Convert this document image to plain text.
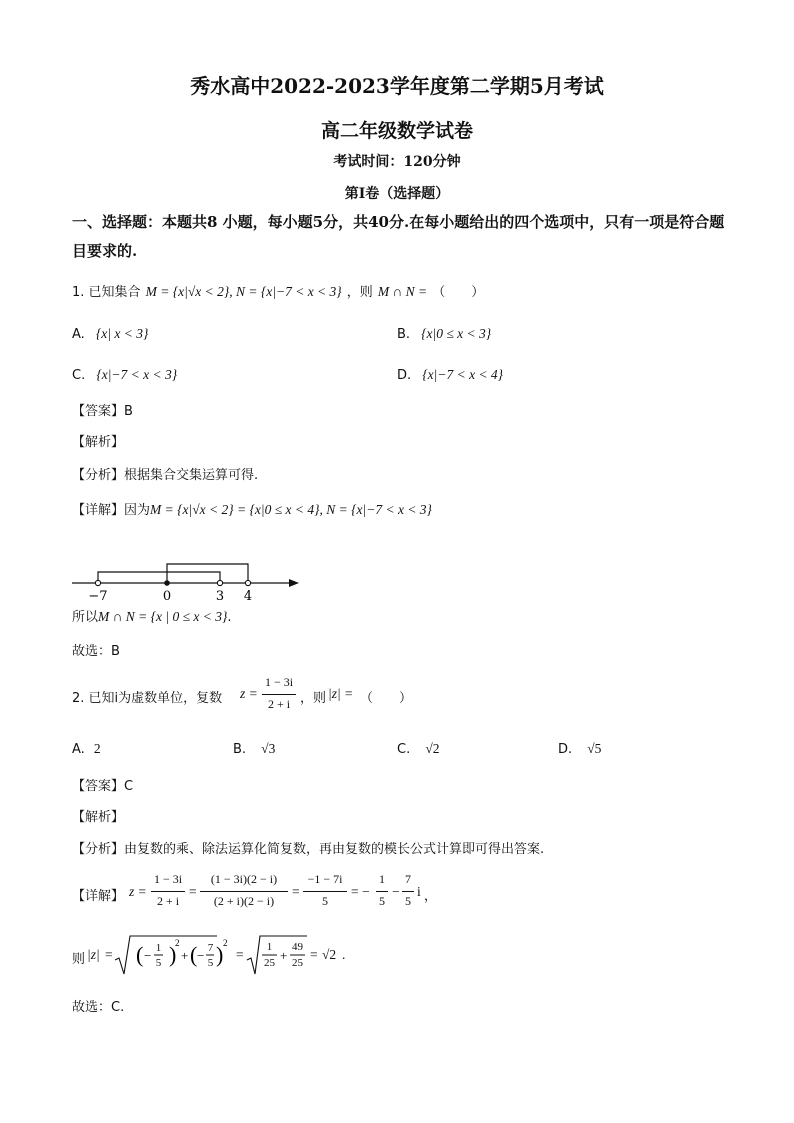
秀水高中2022-2023学年度第二学期5月考试
高二年级数学试卷
考试时间：120分钟
第I卷（选择题）
一、选择题：本题共8 小题，每小题5分，共40分.在每小题给出的四个选项中，只有一项是符合题目要求的.
1. 已知集合 M = {x|√x < 2}, N = {x|−7 < x < 3} ，则 M ∩ N = （　　）
A. {x| x < 3}	B. {x|0 ≤ x < 3}
C. {x|−7 < x < 3}	D. {x|−7 < x < 4}
【答案】B
【解析】
【分析】根据集合交集运算可得.
【详解】因为M = {x|√x < 2} = {x|0 ≤ x < 4}, N = {x|−7 < x < 3}
−7	0	3 4
所以M ∩ N = {x | 0 ≤ x < 3}.
故选：B
2. 已知i为虚数单位，复数 z =
1 − 3i
2 + i ，则 |z| = （　　）
A. 2	B. √3	C. √2	D. √5
【答案】C
【解析】
【分析】由复数的乘、除法运算化简复数，再由复数的模长公式计算即可得出答案.
【详解】 z =
1 − 3i
2 + i
=
(1 − 3i)(2 − i)
(2 + i)(2 − i)
=
−1 − 7i
5
= −
1
5
−
7
5
i ，
则 |z| = ( − )
2
+ ( −
1
5
7
5 ) 2
=	+
1
25
49
25
= √2 .
故选：C.
